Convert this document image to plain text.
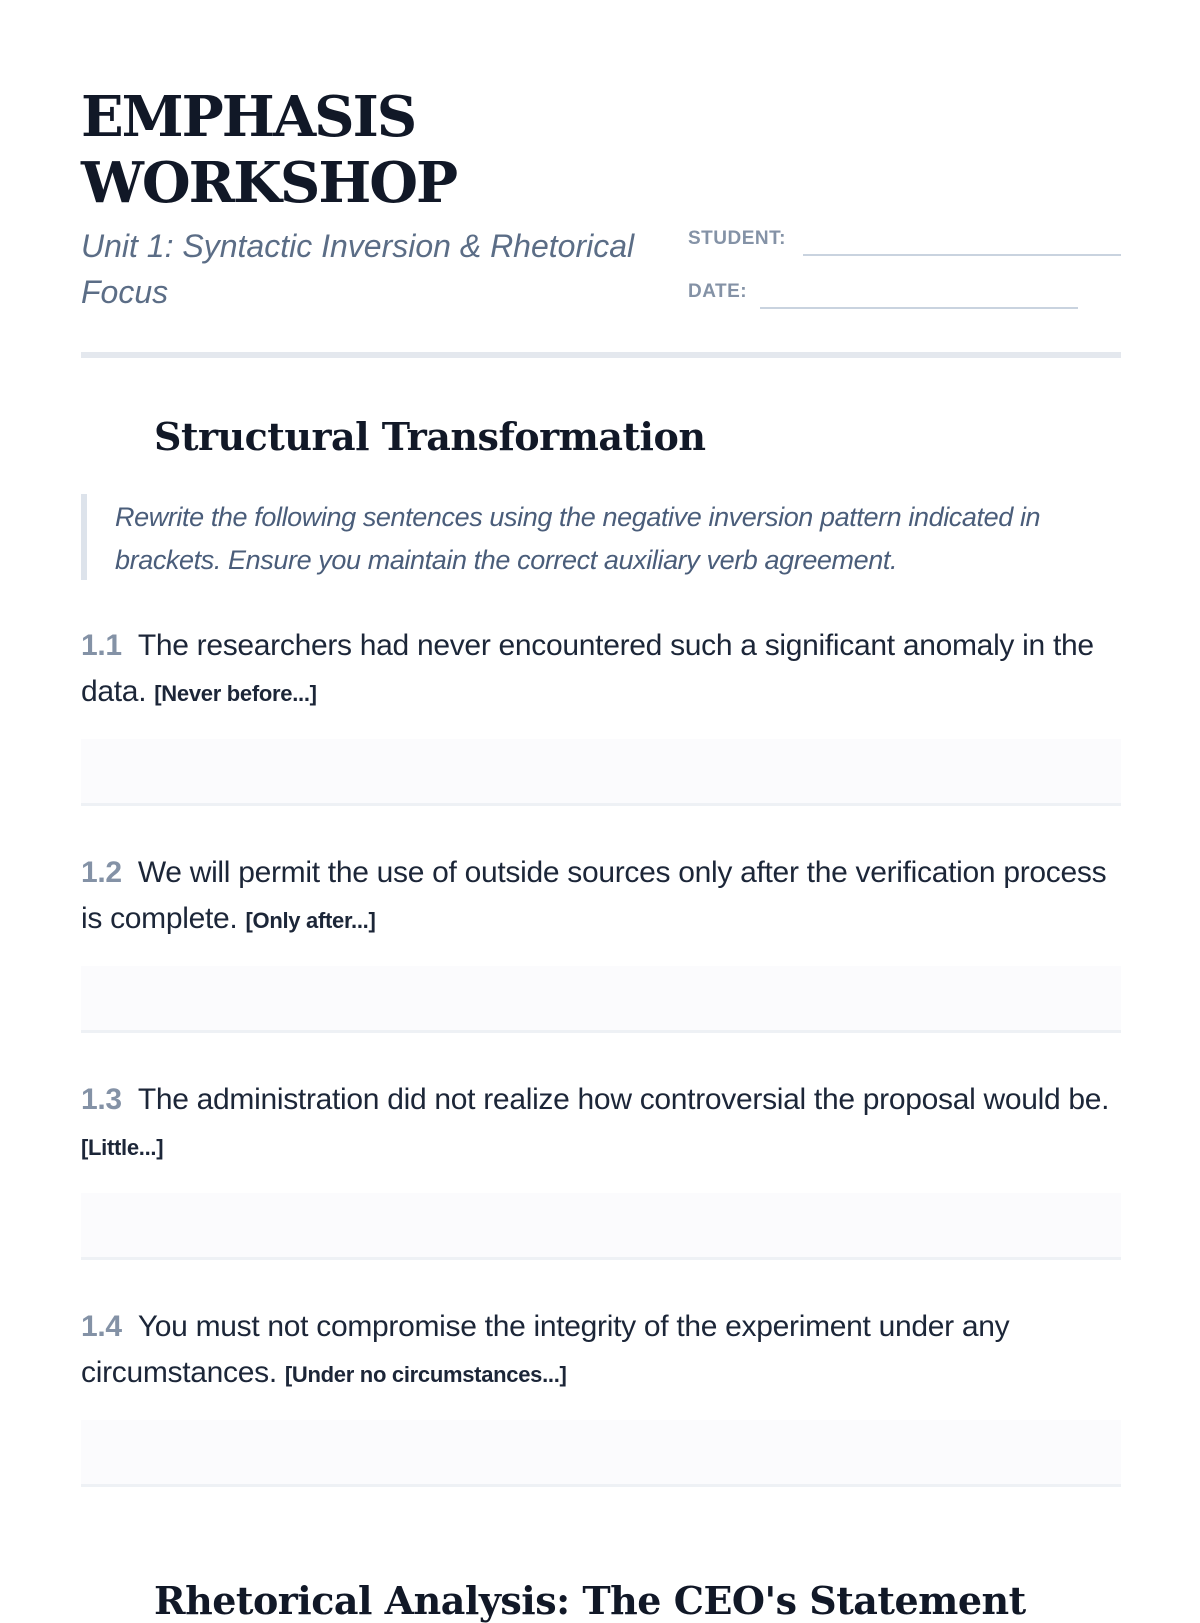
EMPHASIS
WORKSHOP

Unit 1: Syntactic Inversion & Rhetorical Focus

STUDENT:
DATE:
Structural Transformation

Rewrite the following sentences using the negative inversion pattern indicated in brackets. Ensure you maintain the correct auxiliary verb agreement.

1.1 The researchers had never encountered such a significant anomaly in the data. [Never before...]

1.2 We will permit the use of outside sources only after the verification process is complete. [Only after...]

1.3 The administration did not realize how controversial the proposal would be. [Little...]

1.4 You must not compromise the integrity of the experiment under any circumstances. [Under no circumstances...]

Rhetorical Analysis: The CEO's Statement
